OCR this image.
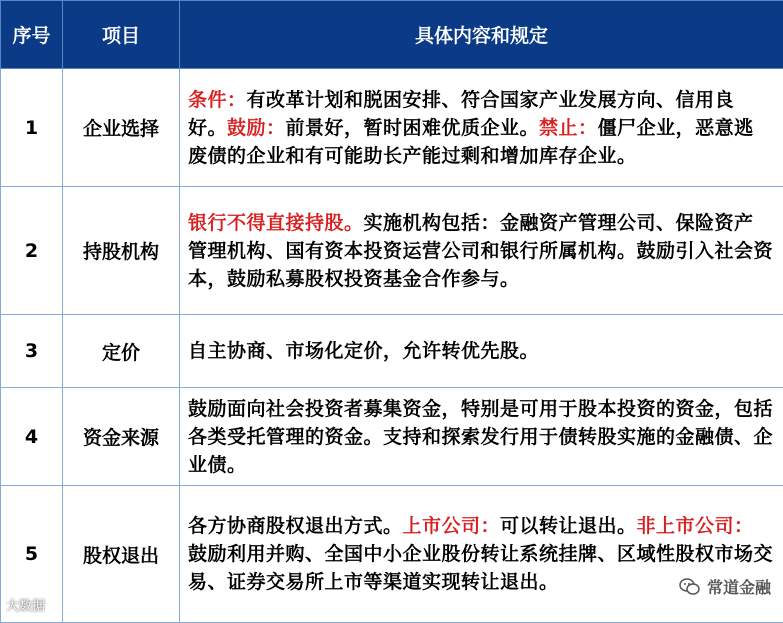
序号	项目	具体内容和规定
1	企业选择	条件：有改革计划和脱困安排、符合国家产业发展方向、信用良好。鼓励：前景好，暂时困难优质企业。禁止：僵尸企业，恶意逃废债的企业和有可能助长产能过剩和增加库存企业。
2	持股机构	银行不得直接持股。实施机构包括：金融资产管理公司、保险资产管理机构、国有资本投资运营公司和银行所属机构。鼓励引入社会资本，鼓励私募股权投资基金合作参与。
3	定价	自主协商、市场化定价，允许转优先股。
4	资金来源	鼓励面向社会投资者募集资金，特别是可用于股本投资的资金，包括各类受托管理的资金。支持和探索发行用于债转股实施的金融债、企业债。
5	股权退出	各方协商股权退出方式。上市公司：可以转让退出。非上市公司：鼓励利用并购、全国中小企业股份转让系统挂牌、区域性股权市场交易、证券交易所上市等渠道实现转让退出。
大数据
常道金融
